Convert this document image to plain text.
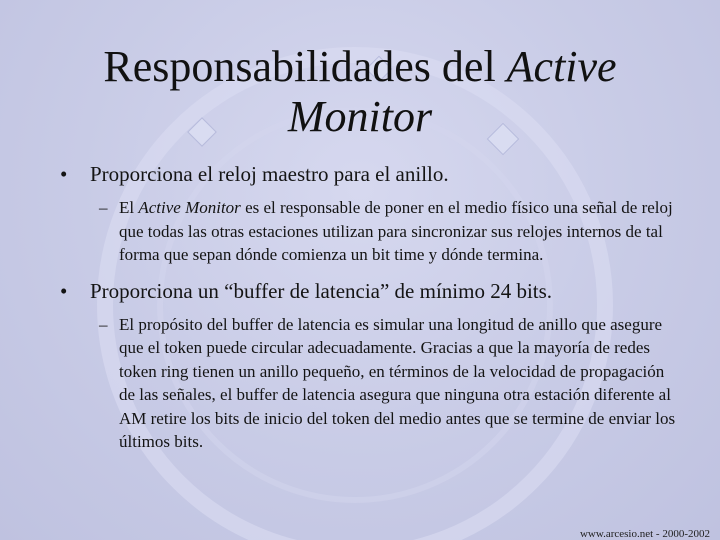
Responsabilidades del Active Monitor
• Proporciona el reloj maestro para el anillo.
– El Active Monitor es el responsable de poner en el medio físico una señal de reloj que todas las otras estaciones utilizan para sincronizar sus relojes internos de tal forma que sepan dónde comienza un bit time y dónde termina.
• Proporciona un “buffer de latencia” de mínimo 24 bits.
– El propósito del buffer de latencia es simular una longitud de anillo que asegure que el token puede circular adecuadamente. Gracias a que la mayoría de redes token ring tienen un anillo pequeño, en términos de la velocidad de propagación de las señales, el buffer de latencia asegura que ninguna otra estación diferente al AM retire los bits de inicio del token del medio antes que se termine de enviar los últimos bits.
www.arcesio.net - 2000-2002
